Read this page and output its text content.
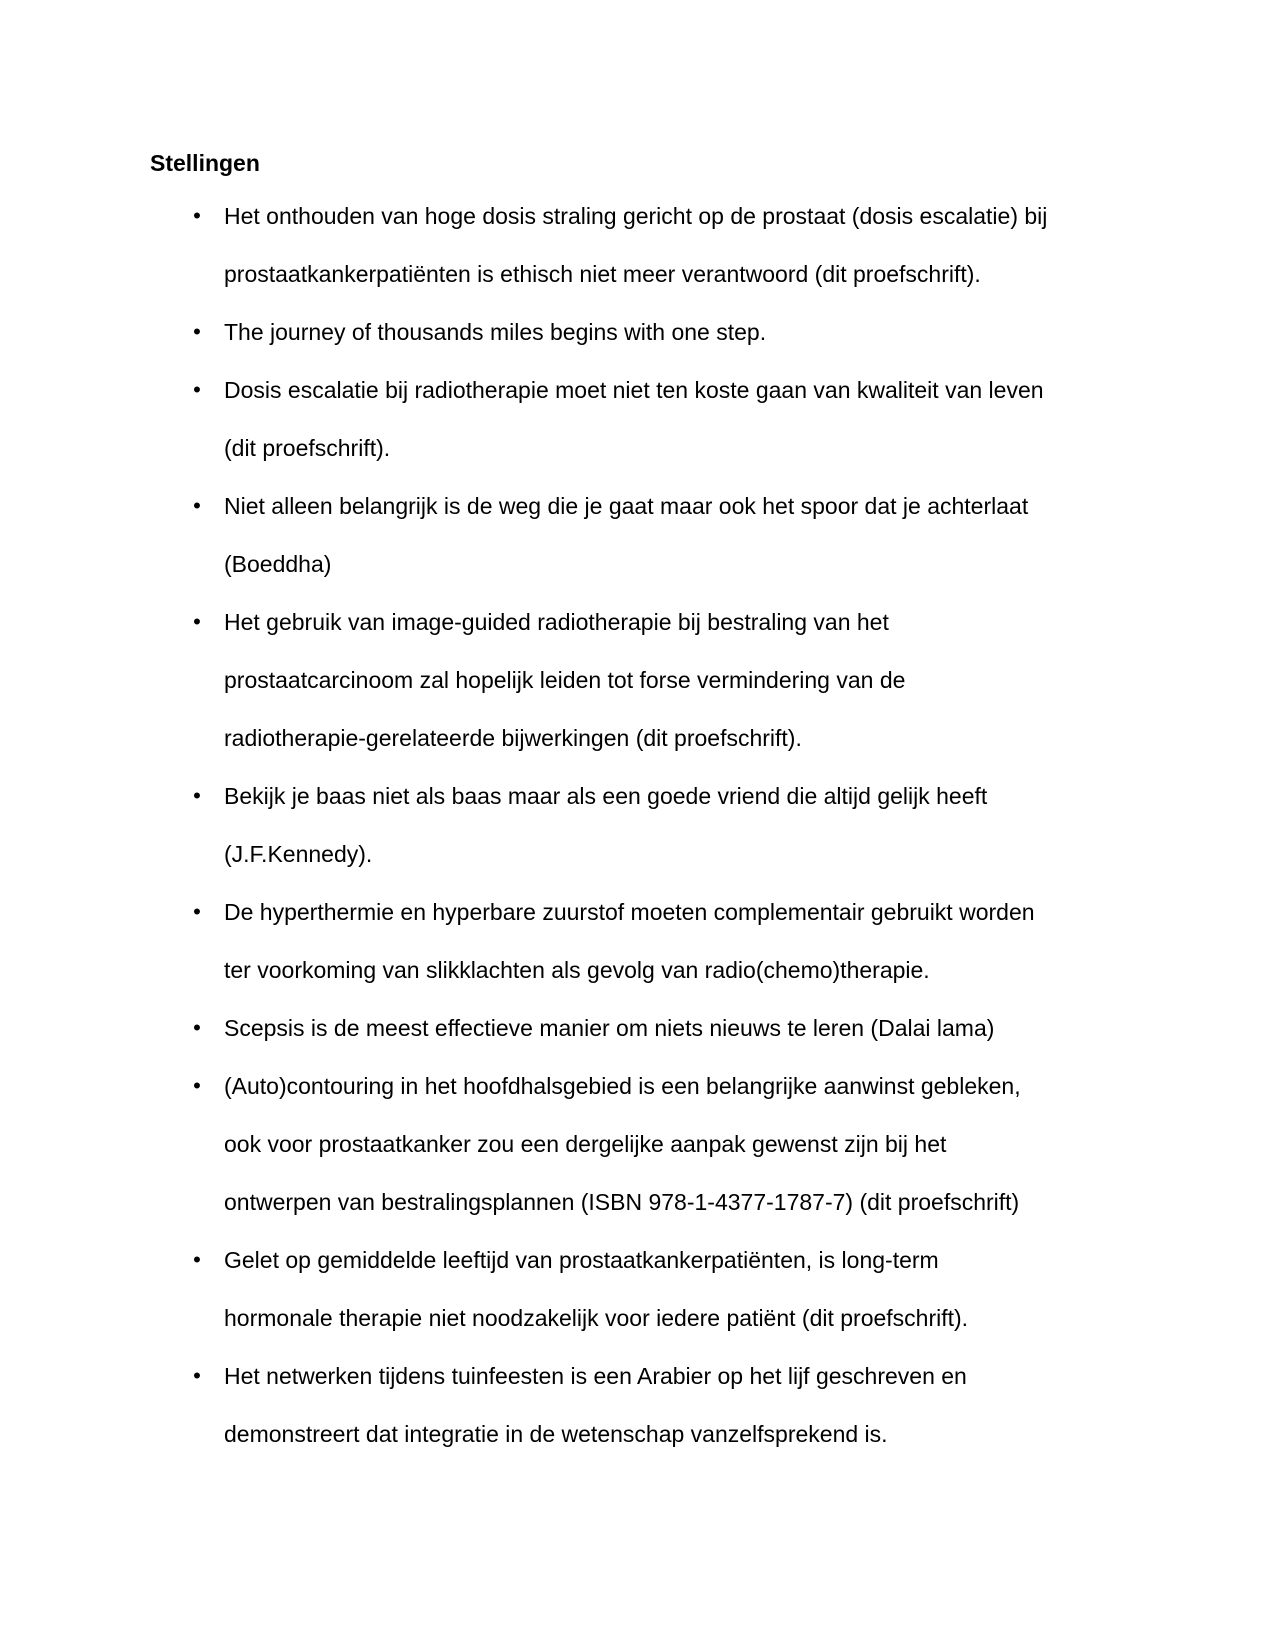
Stellingen
• Het onthouden van hoge dosis straling gericht op de prostaat (dosis escalatie) bij
prostaatkankerpatiënten is ethisch niet meer verantwoord (dit proefschrift).
• The journey of thousands miles begins with one step.
• Dosis escalatie bij radiotherapie moet niet ten koste gaan van kwaliteit van leven
(dit proefschrift).
• Niet alleen belangrijk is de weg die je gaat maar ook het spoor dat je achterlaat
(Boeddha)
• Het gebruik van image-guided radiotherapie bij bestraling van het
prostaatcarcinoom zal hopelijk leiden tot forse vermindering van de
radiotherapie-gerelateerde bijwerkingen (dit proefschrift).
• Bekijk je baas niet als baas maar als een goede vriend die altijd gelijk heeft
(J.F.Kennedy).
• De hyperthermie en hyperbare zuurstof moeten complementair gebruikt worden
ter voorkoming van slikklachten als gevolg van radio(chemo)therapie.
• Scepsis is de meest effectieve manier om niets nieuws te leren (Dalai lama)
• (Auto)contouring in het hoofdhalsgebied is een belangrijke aanwinst gebleken,
ook voor prostaatkanker zou een dergelijke aanpak gewenst zijn bij het
ontwerpen van bestralingsplannen (ISBN 978-1-4377-1787-7) (dit proefschrift)
• Gelet op gemiddelde leeftijd van prostaatkankerpatiënten, is long-term
hormonale therapie niet noodzakelijk voor iedere patiënt (dit proefschrift).
• Het netwerken tijdens tuinfeesten is een Arabier op het lijf geschreven en
demonstreert dat integratie in de wetenschap vanzelfsprekend is.
